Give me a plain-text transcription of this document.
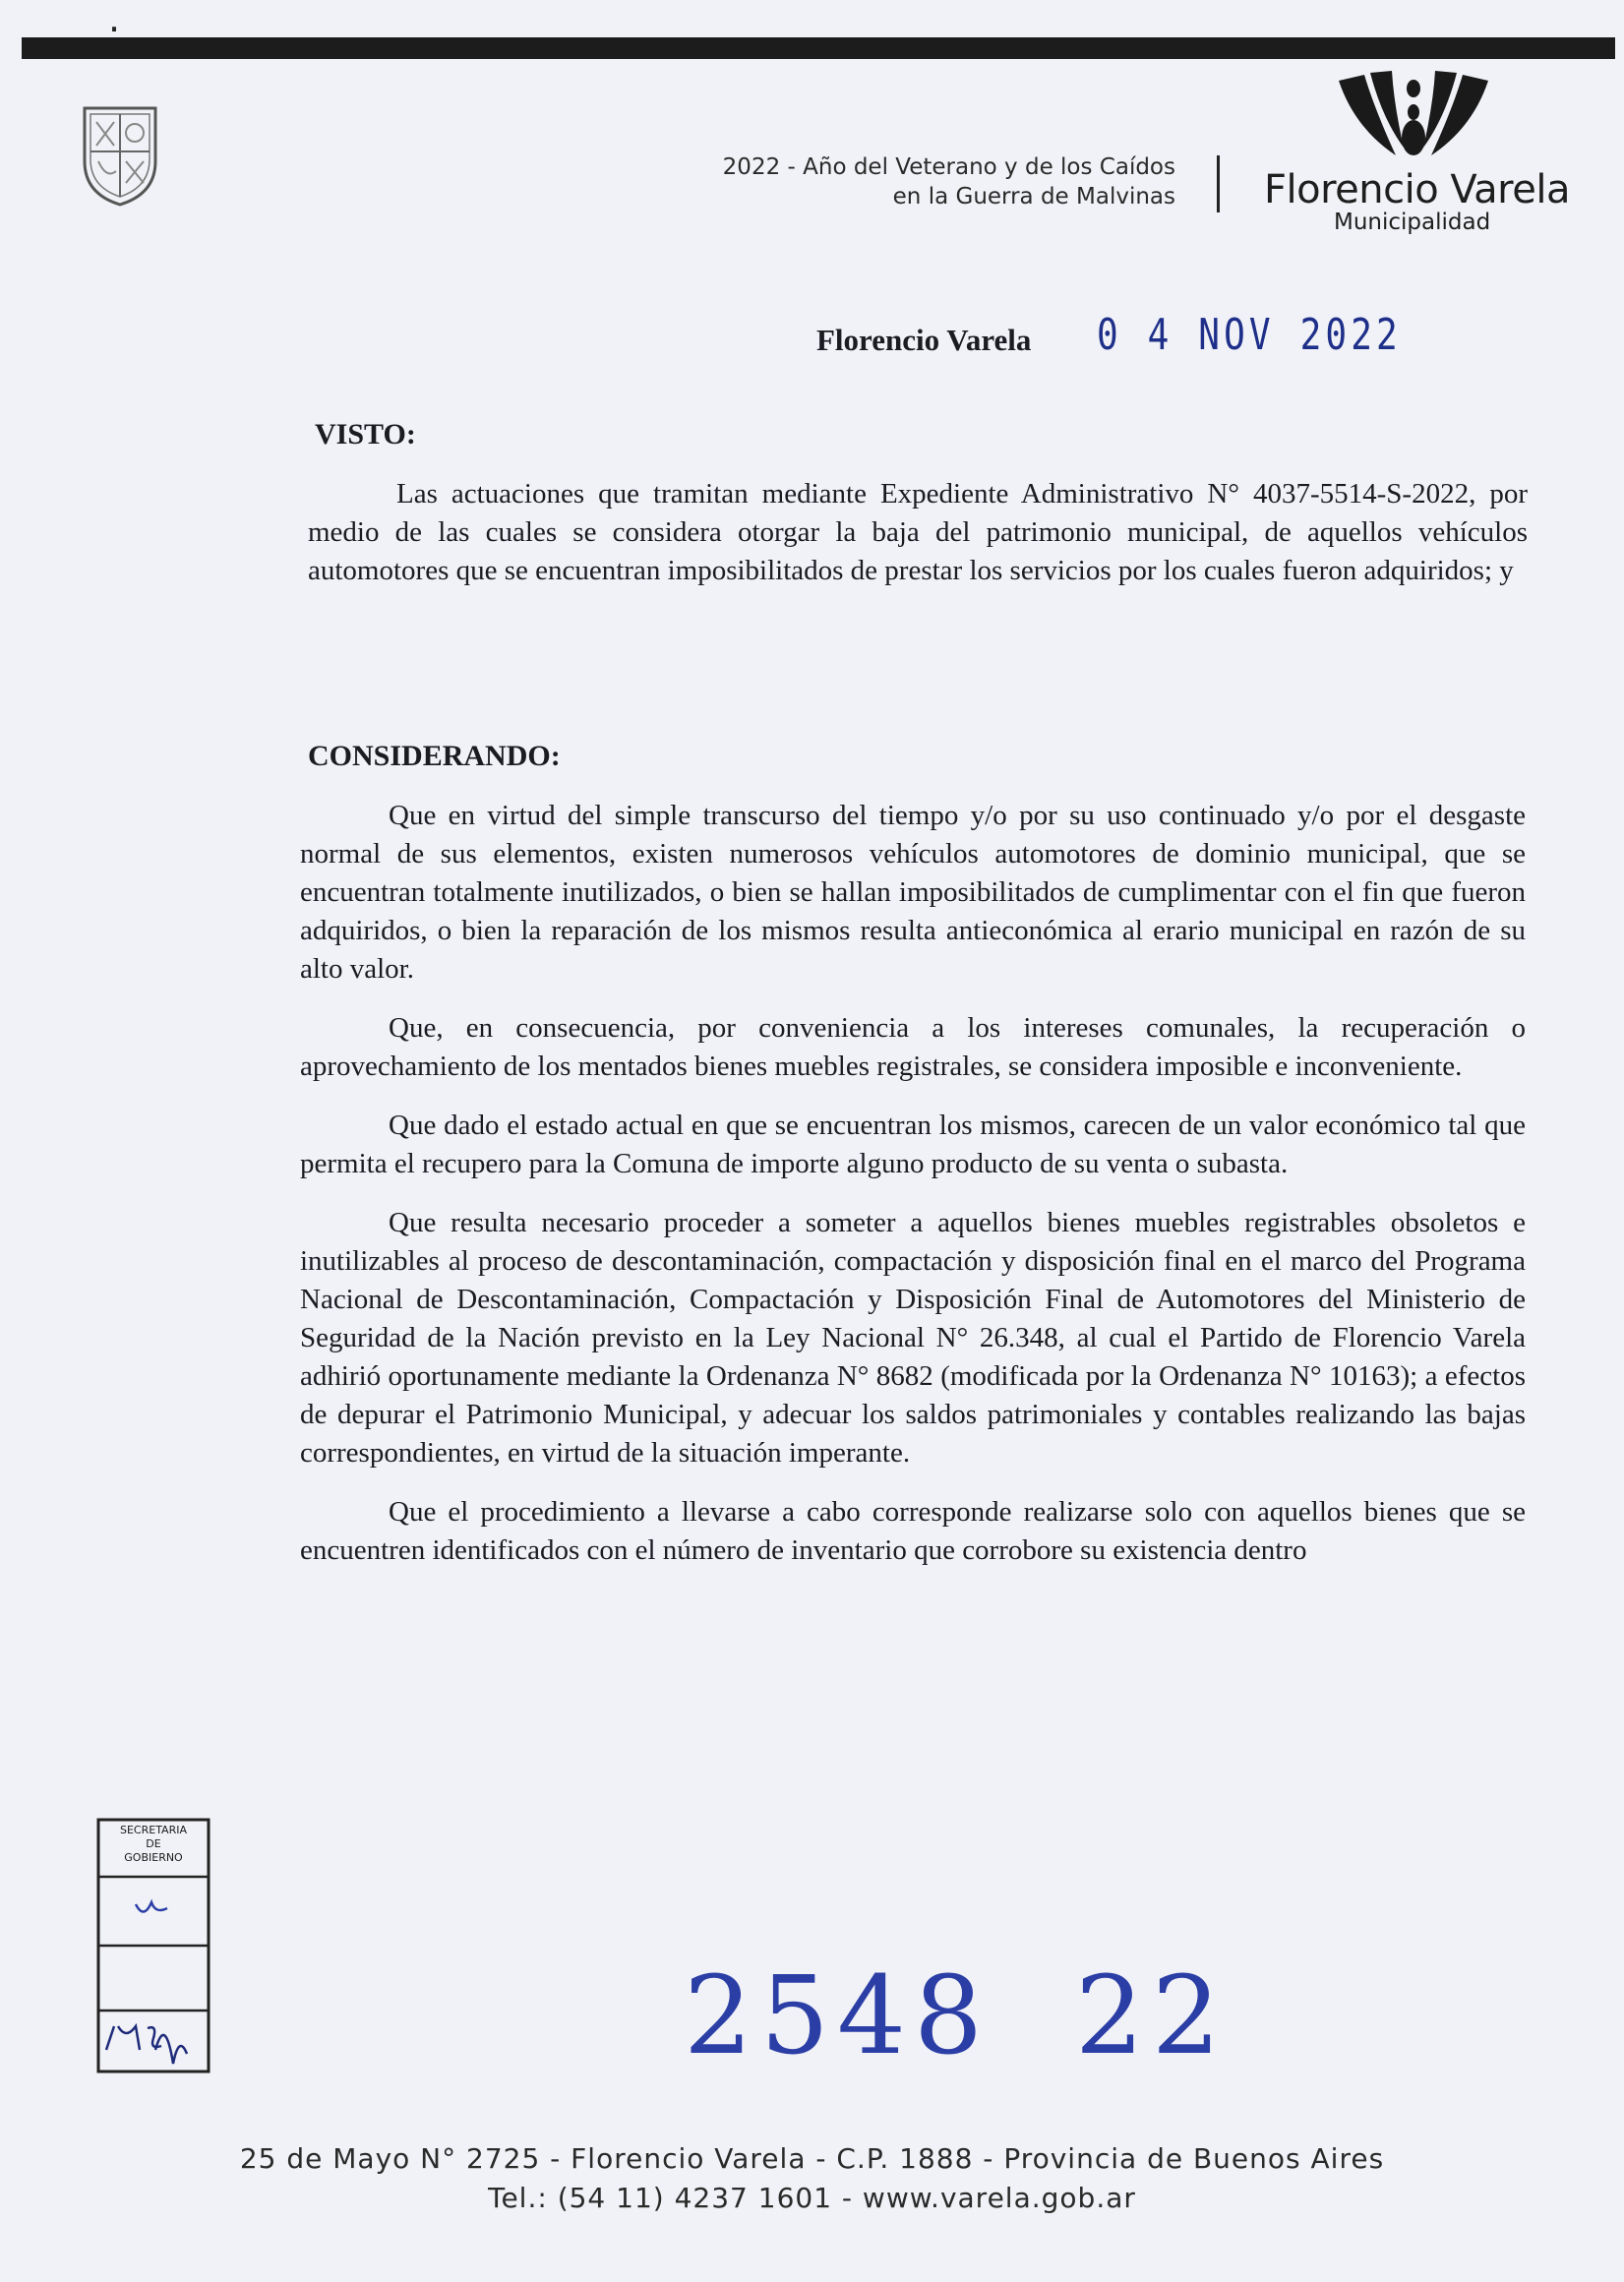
·
2022 - Año del Veterano y de los Caídos
en la Guerra de Malvinas Florencio Varela
Municipalidad
Florencio Varela 0 4 NOV 2022
VISTO:

Las actuaciones que tramitan mediante Expediente Administrativo N° 4037-5514-S-2022, por medio de las cuales se considera otorgar la baja del patrimonio municipal, de aquellos vehículos automotores que se encuentran imposibilitados de prestar los servicios por los cuales fueron adquiridos; y

CONSIDERANDO:

Que en virtud del simple transcurso del tiempo y/o por su uso continuado y/o por el desgaste normal de sus elementos, existen numerosos vehículos automotores de dominio municipal, que se encuentran totalmente inutilizados, o bien se hallan imposibilitados de cumplimentar con el fin que fueron adquiridos, o bien la reparación de los mismos resulta antieconómica al erario municipal en razón de su alto valor.

Que, en consecuencia, por conveniencia a los intereses comunales, la recuperación o aprovechamiento de los mentados bienes muebles registrales, se considera imposible e inconveniente.

Que dado el estado actual en que se encuentran los mismos, carecen de un valor económico tal que permita el recupero para la Comuna de importe alguno producto de su venta o subasta.

Que resulta necesario proceder a someter a aquellos bienes muebles registrables obsoletos e inutilizables al proceso de descontaminación, compactación y disposición final en el marco del Programa Nacional de Descontaminación, Compactación y Disposición Final de Automotores del Ministerio de Seguridad de la Nación previsto en la Ley Nacional N° 26.348, al cual el Partido de Florencio Varela adhirió oportunamente mediante la Ordenanza N° 8682 (modificada por la Ordenanza N° 10163); a efectos de depurar el Patrimonio Municipal, y adecuar los saldos patrimoniales y contables realizando las bajas correspondientes, en virtud de la situación imperante.

Que el procedimiento a llevarse a cabo corresponde realizarse solo con aquellos bienes que se encuentren identificados con el número de inventario que corrobore su existencia dentro

SECRETARIA
DE
GOBIERNO
2548  22
25 de Mayo N° 2725 - Florencio Varela - C.P. 1888 - Provincia de Buenos Aires
Tel.: (54 11) 4237 1601 - www.varela.gob.ar
